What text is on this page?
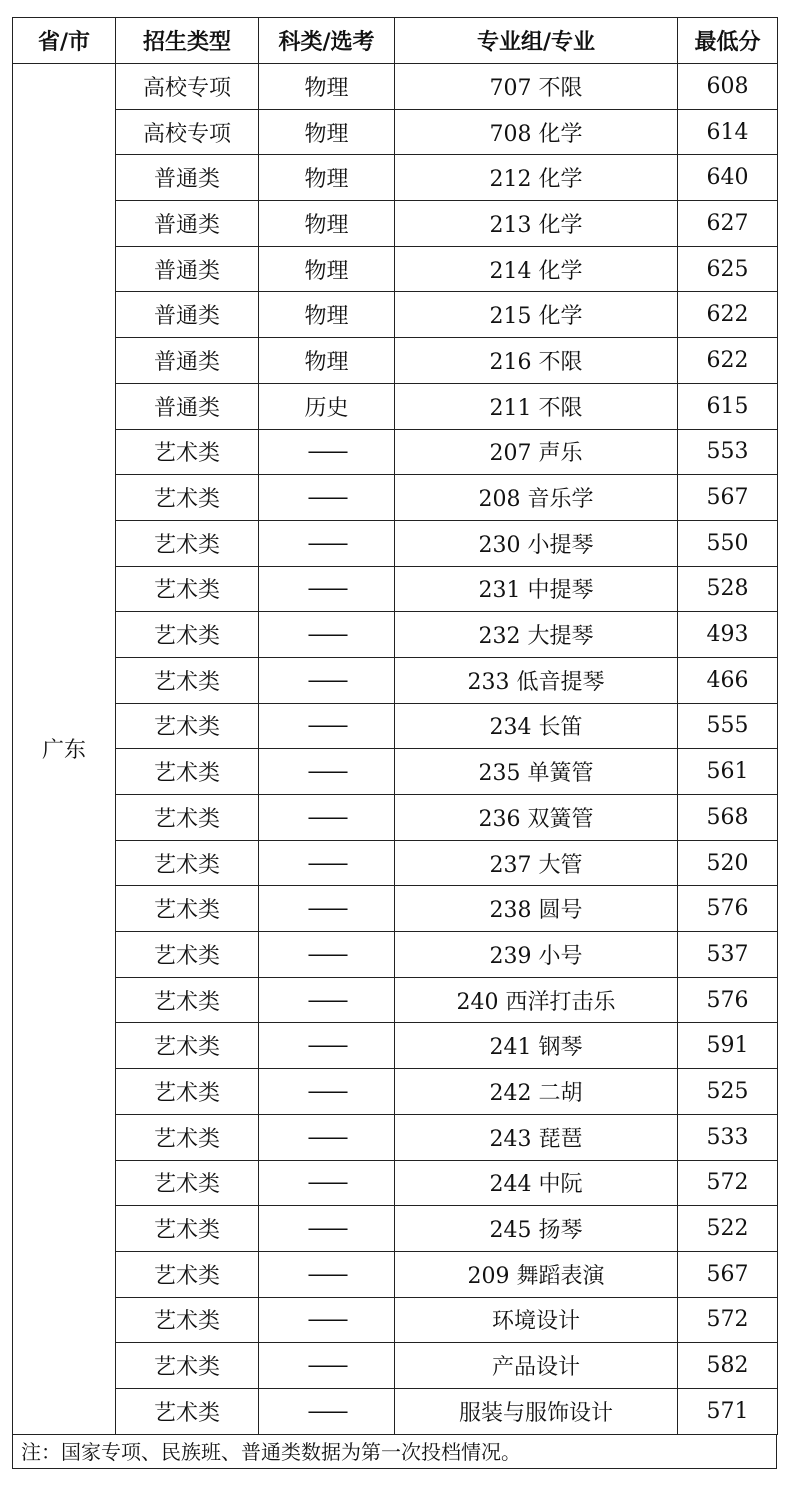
省/市	招生类型	科类/选考	专业组/专业	最低分
广东	高校专项	物理	707 不限	608
	高校专项	物理	708 化学	614
	普通类	物理	212 化学	640
	普通类	物理	213 化学	627
	普通类	物理	214 化学	625
	普通类	物理	215 化学	622
	普通类	物理	216 不限	622
	普通类	历史	211 不限	615
	艺术类	——	207 声乐	553
	艺术类	——	208 音乐学	567
	艺术类	——	230 小提琴	550
	艺术类	——	231 中提琴	528
	艺术类	——	232 大提琴	493
	艺术类	——	233 低音提琴	466
	艺术类	——	234 长笛	555
	艺术类	——	235 单簧管	561
	艺术类	——	236 双簧管	568
	艺术类	——	237 大管	520
	艺术类	——	238 圆号	576
	艺术类	——	239 小号	537
	艺术类	——	240 西洋打击乐	576
	艺术类	——	241 钢琴	591
	艺术类	——	242 二胡	525
	艺术类	——	243 琵琶	533
	艺术类	——	244 中阮	572
	艺术类	——	245 扬琴	522
	艺术类	——	209 舞蹈表演	567
	艺术类	——	环境设计	572
	艺术类	——	产品设计	582
	艺术类	——	服装与服饰设计	571
注：国家专项、民族班、普通类数据为第一次投档情况。
